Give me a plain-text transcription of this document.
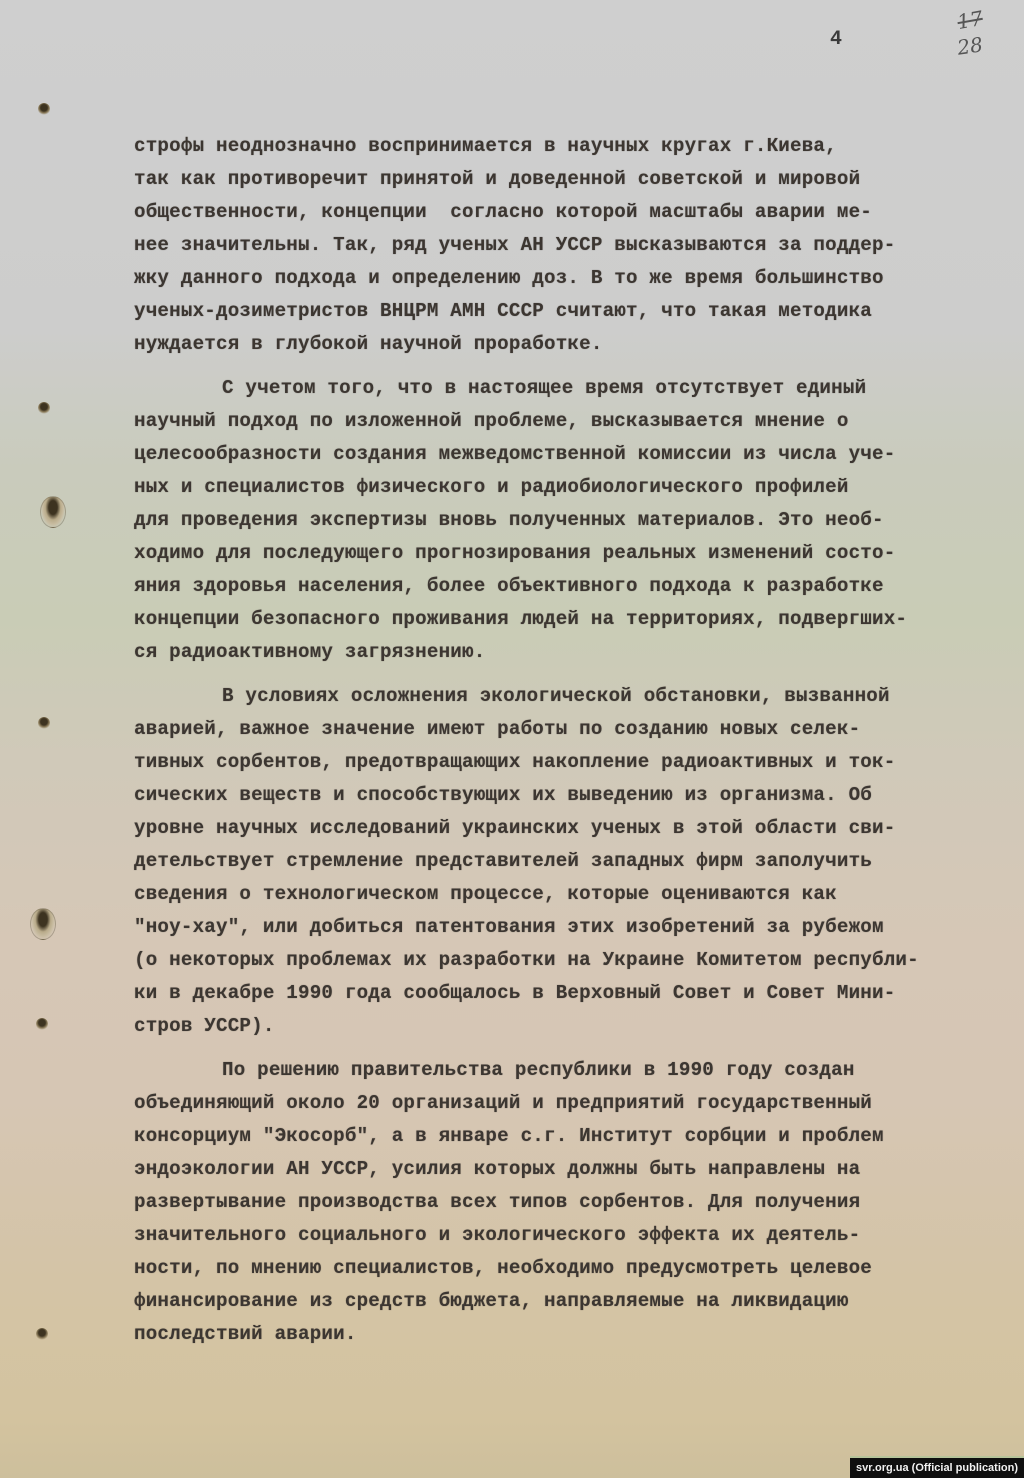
4
17
28
строфы неоднозначно воспринимается в научных кругах г.Киева,
так как противоречит принятой и доведенной советской и мировой
общественности, концепции  согласно которой масштабы аварии ме-
нее значительны. Так, ряд ученых АН УССР высказываются за поддер-
жку данного подхода и определению доз. В то же время большинство
ученых-дозиметристов ВНЦРМ АМН СССР считают, что такая методика
нуждается в глубокой научной проработке.
С учетом того, что в настоящее время отсутствует единый
научный подход по изложенной проблеме, высказывается мнение о
целесообразности создания межведомственной комиссии из числа уче-
ных и специалистов физического и радиобиологического профилей
для проведения экспертизы вновь полученных материалов. Это необ-
ходимо для последующего прогнозирования реальных изменений состо-
яния здоровья населения, более объективного подхода к разработке
концепции безопасного проживания людей на территориях, подвергших-
ся радиоактивному загрязнению.
В условиях осложнения экологической обстановки, вызванной
аварией, важное значение имеют работы по созданию новых селек-
тивных сорбентов, предотвращающих накопление радиоактивных и ток-
сических веществ и способствующих их выведению из организма. Об
уровне научных исследований украинских ученых в этой области сви-
детельствует стремление представителей западных фирм заполучить
сведения о технологическом процессе, которые оцениваются как
"ноу-хау", или добиться патентования этих изобретений за рубежом
(о некоторых проблемах их разработки на Украине Комитетом республи-
ки в декабре 1990 года сообщалось в Верховный Совет и Совет Мини-
стров УССР).
По решению правительства республики в 1990 году создан
объединяющий около 20 организаций и предприятий государственный
консорциум "Экосорб", а в январе с.г. Институт сорбции и проблем
эндоэкологии АН УССР, усилия которых должны быть направлены на
развертывание производства всех типов сорбентов. Для получения
значительного социального и экологического эффекта их деятель-
ности, по мнению специалистов, необходимо предусмотреть целевое
финансирование из средств бюджета, направляемые на ликвидацию
последствий аварии.
svr.org.ua (Official publication)
